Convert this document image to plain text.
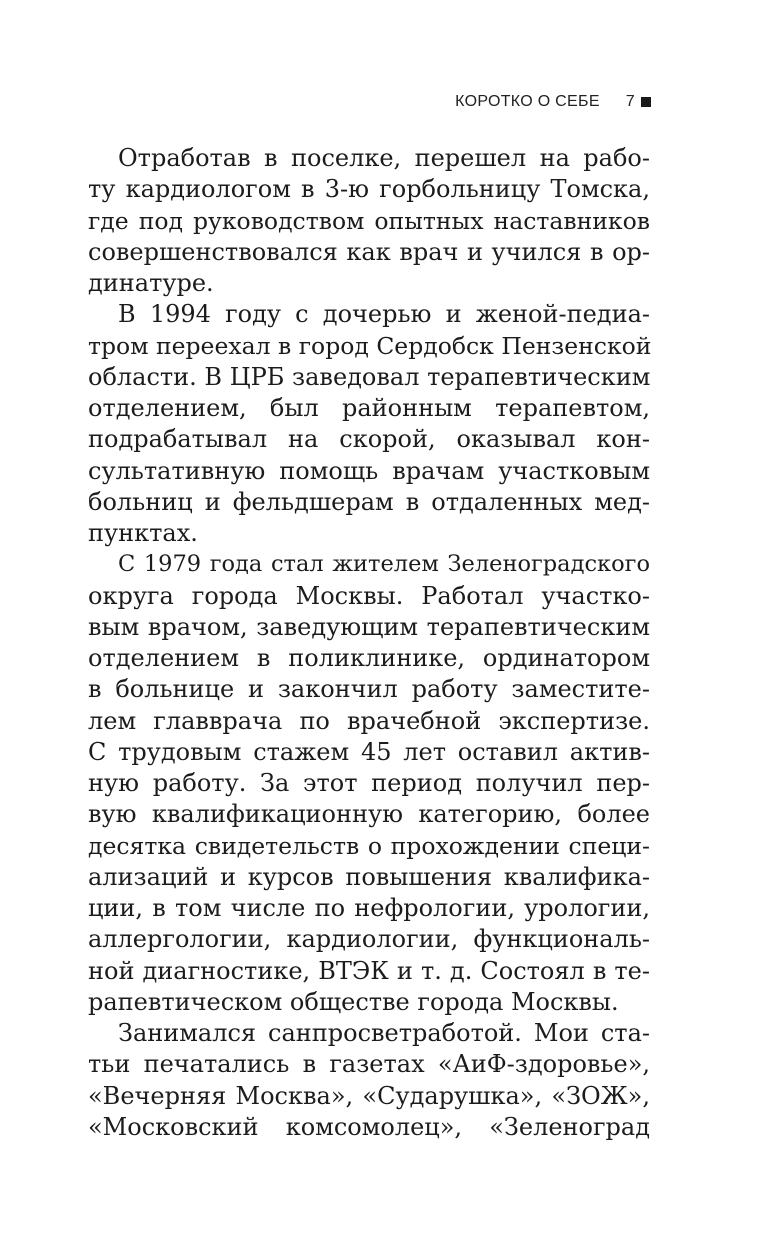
КОРОТКО О СЕБЕ 7
Отработав в поселке, перешел на рабо-
ту кардиологом в 3-ю горбольницу Томска,
где под руководством опытных наставников
совершенствовался как врач и учился в ор-
динатуре.
В 1994 году с дочерью и женой-педиа-
тром переехал в город Сердобск Пензенской
области. В ЦРБ заведовал терапевтическим
отделением, был районным терапевтом,
подрабатывал на скорой, оказывал кон-
сультативную помощь врачам участковым
больниц и фельдшерам в отдаленных мед-
пунктах.
С 1979 года стал жителем Зеленоградского
округа города Москвы. Работал участко-
вым врачом, заведующим терапевтическим
отделением в поликлинике, ординатором
в больнице и закончил работу заместите-
лем главврача по врачебной экспертизе.
С трудовым стажем 45 лет оставил актив-
ную работу. За этот период получил пер-
вую квалификационную категорию, более
десятка свидетельств о прохождении специ-
ализаций и курсов повышения квалифика-
ции, в том числе по нефрологии, урологии,
аллергологии, кардиологии, функциональ-
ной диагностике, ВТЭК и т. д. Состоял в те-
рапевтическом обществе города Москвы.
Занимался санпросветработой. Мои ста-
тьи печатались в газетах «АиФ-здоровье»,
«Вечерняя Москва», «Сударушка», «ЗОЖ»,
«Московский комсомолец», «Зеленоград
